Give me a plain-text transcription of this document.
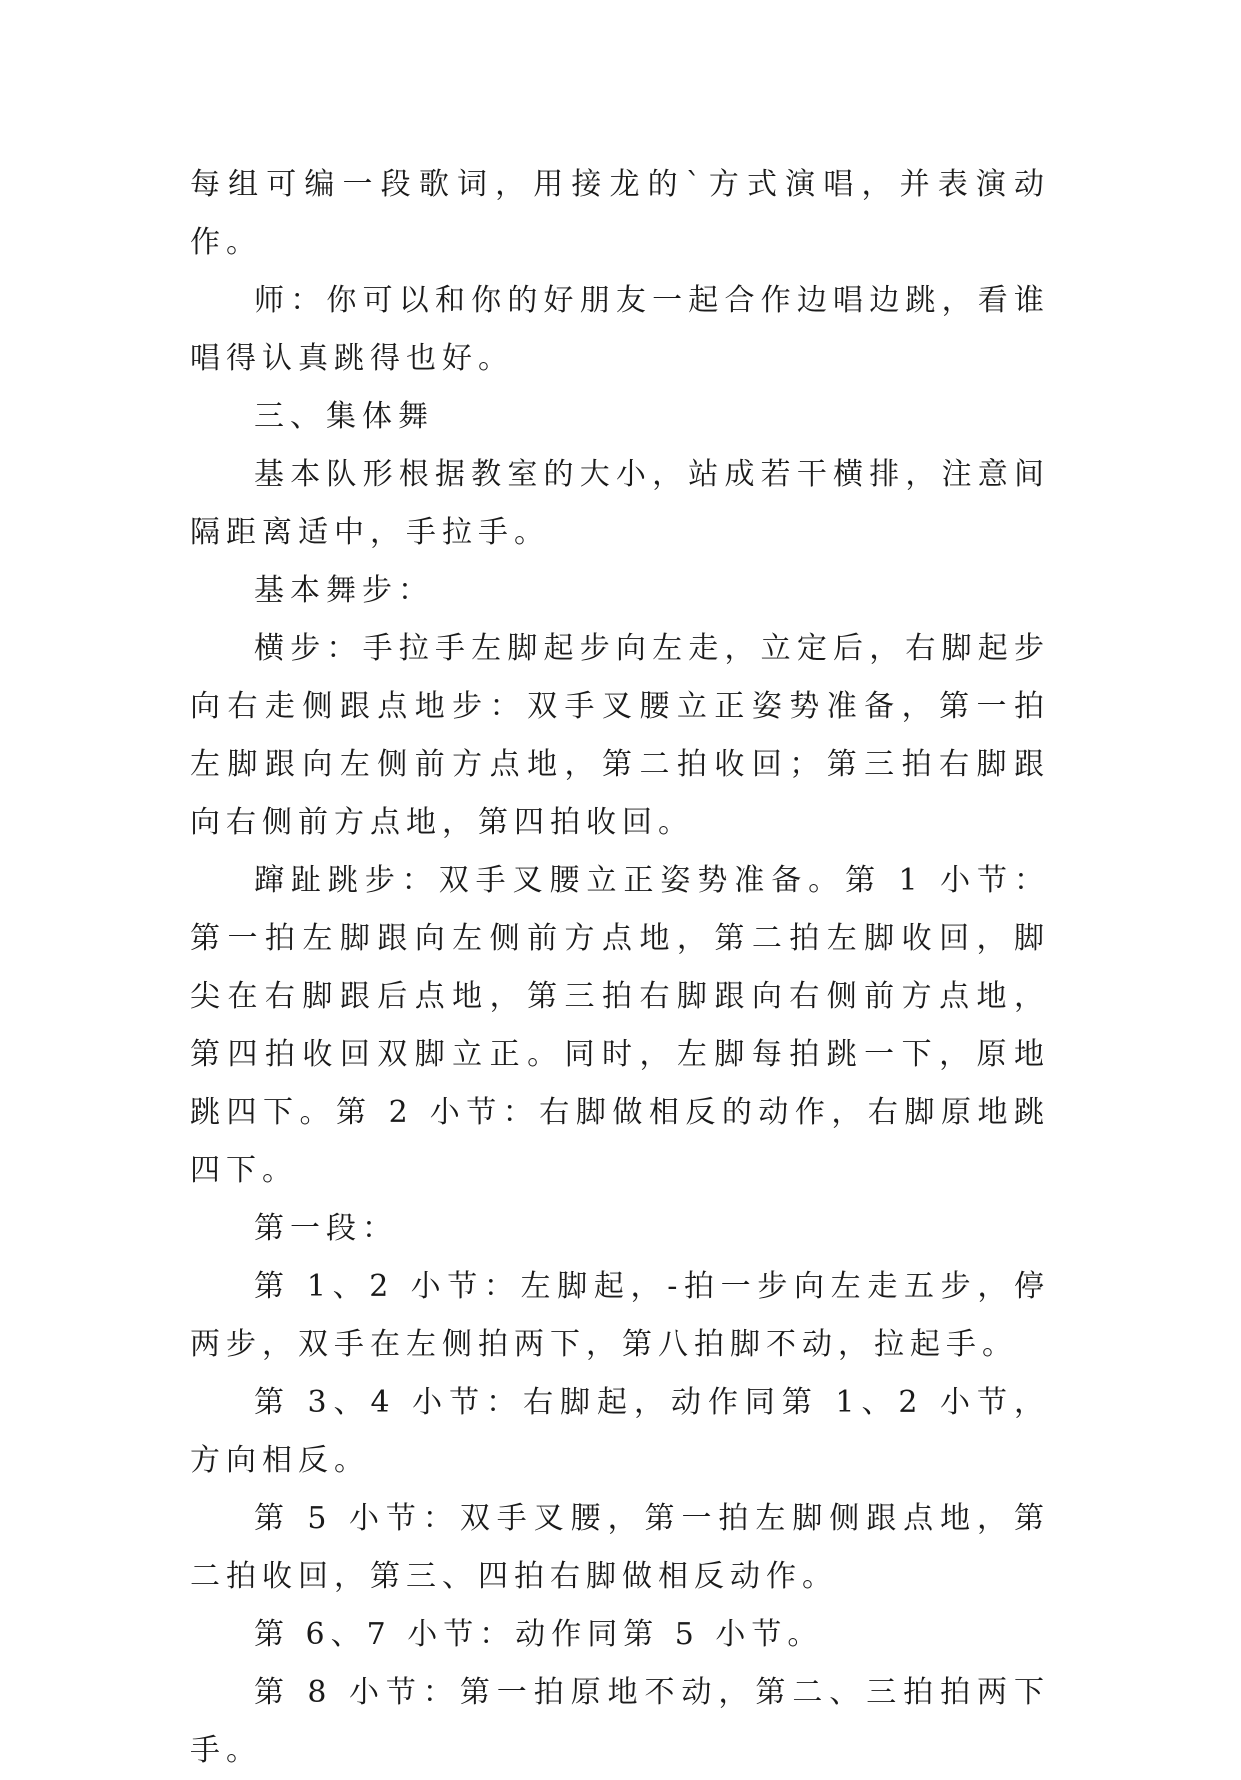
每组可编一段歌词，用接龙的`方式演唱，并表演动作。

师：你可以和你的好朋友一起合作边唱边跳，看谁唱得认真跳得也好。

三、集体舞

基本队形根据教室的大小，站成若干横排，注意间隔距离适中，手拉手。

基本舞步：

横步：手拉手左脚起步向左走，立定后，右脚起步向右走侧跟点地步：双手叉腰立正姿势准备，第一拍左脚跟向左侧前方点地，第二拍收回；第三拍右脚跟向右侧前方点地，第四拍收回。

蹿趾跳步：双手叉腰立正姿势准备。第 1 小节：第一拍左脚跟向左侧前方点地，第二拍左脚收回，脚尖在右脚跟后点地，第三拍右脚跟向右侧前方点地，第四拍收回双脚立正。同时，左脚每拍跳一下，原地跳四下。第 2 小节：右脚做相反的动作，右脚原地跳四下。

第一段：

第 1、2 小节：左脚起，-拍一步向左走五步，停两步，双手在左侧拍两下，第八拍脚不动，拉起手。

第 3、4 小节：右脚起，动作同第 1、2 小节，方向相反。

第 5 小节：双手叉腰，第一拍左脚侧跟点地，第二拍收回，第三、四拍右脚做相反动作。

第 6、7 小节：动作同第 5 小节。

第 8 小节：第一拍原地不动，第二、三拍拍两下手。
